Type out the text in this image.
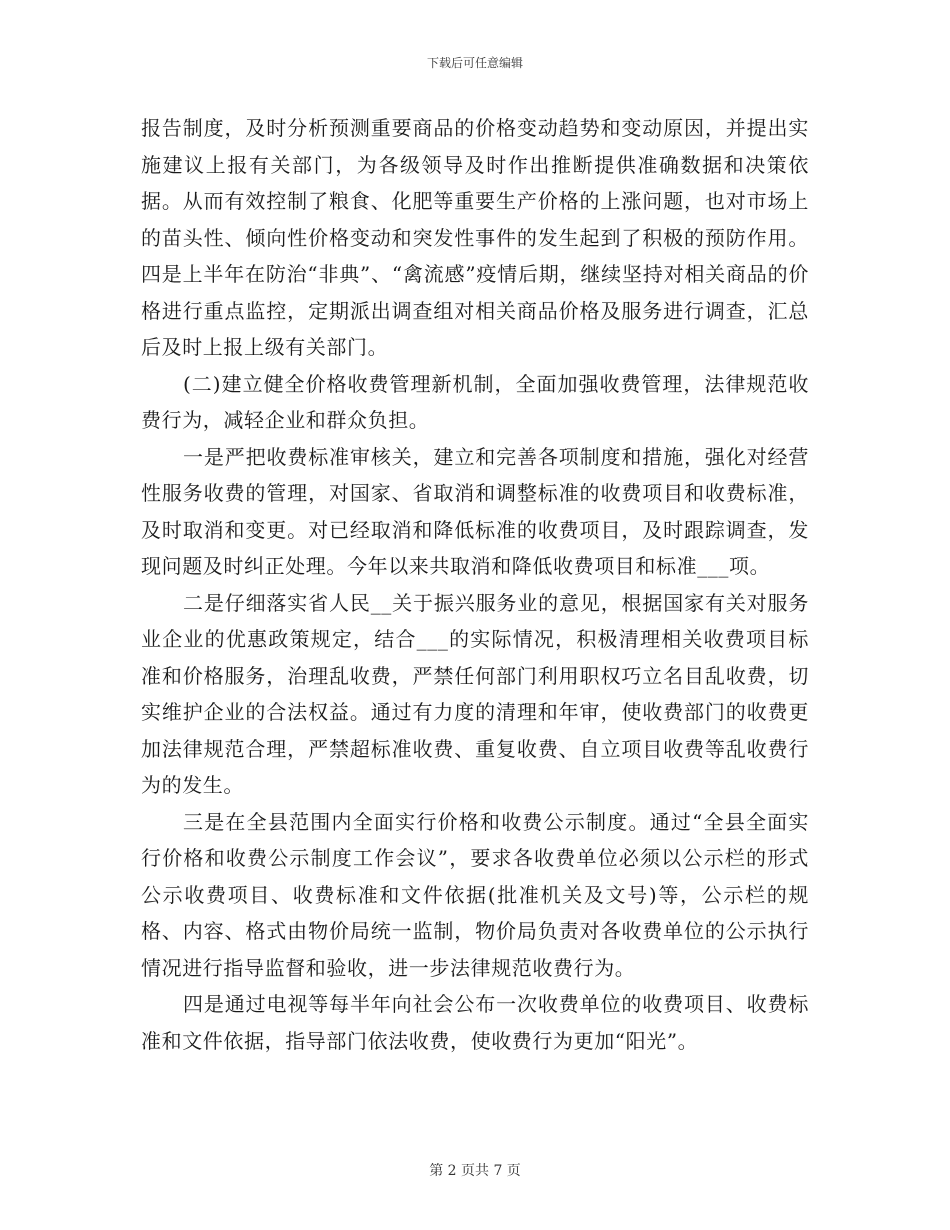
下载后可任意编辑

报告制度，及时分析预测重要商品的价格变动趋势和变动原因，并提出实施建议上报有关部门，为各级领导及时作出推断提供准确数据和决策依据。从而有效控制了粮食、化肥等重要生产价格的上涨问题，也对市场上的苗头性、倾向性价格变动和突发性事件的发生起到了积极的预防作用。四是上半年在防治“非典”、“禽流感”疫情后期，继续坚持对相关商品的价格进行重点监控，定期派出调查组对相关商品价格及服务进行调查，汇总后及时上报上级有关部门。

(二)建立健全价格收费管理新机制，全面加强收费管理，法律规范收费行为，减轻企业和群众负担。

一是严把收费标准审核关，建立和完善各项制度和措施，强化对经营性服务收费的管理，对国家、省取消和调整标准的收费项目和收费标准，及时取消和变更。对已经取消和降低标准的收费项目，及时跟踪调查，发现问题及时纠正处理。今年以来共取消和降低收费项目和标准___项。

二是仔细落实省人民__关于振兴服务业的意见，根据国家有关对服务业企业的优惠政策规定，结合___的实际情况，积极清理相关收费项目标准和价格服务，治理乱收费，严禁任何部门利用职权巧立名目乱收费，切实维护企业的合法权益。通过有力度的清理和年审，使收费部门的收费更加法律规范合理，严禁超标准收费、重复收费、自立项目收费等乱收费行为的发生。

三是在全县范围内全面实行价格和收费公示制度。通过“全县全面实行价格和收费公示制度工作会议”，要求各收费单位必须以公示栏的形式公示收费项目、收费标准和文件依据(批准机关及文号)等，公示栏的规格、内容、格式由物价局统一监制，物价局负责对各收费单位的公示执行情况进行指导监督和验收，进一步法律规范收费行为。

四是通过电视等每半年向社会公布一次收费单位的收费项目、收费标准和文件依据，指导部门依法收费，使收费行为更加“阳光”。

第 2 页共 7 页
